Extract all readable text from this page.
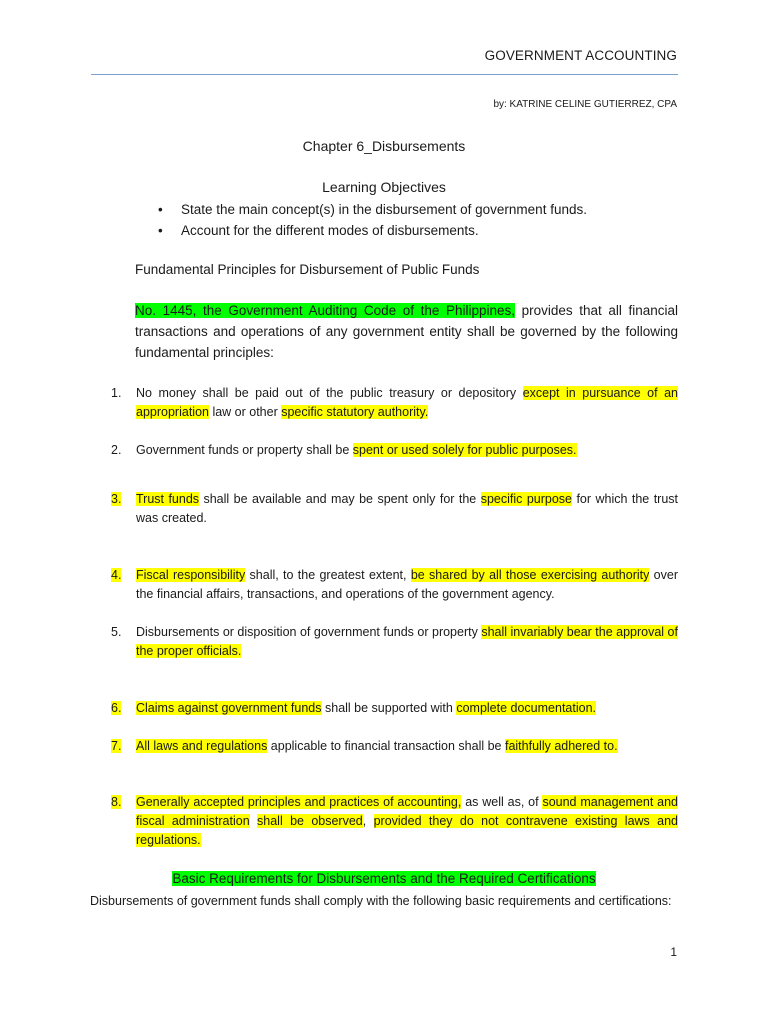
GOVERNMENT ACCOUNTING
by: KATRINE CELINE GUTIERREZ, CPA
Chapter 6_Disbursements
Learning Objectives
• State the main concept(s) in the disbursement of government funds.
• Account for the different modes of disbursements.
Fundamental Principles for Disbursement of Public Funds
No. 1445, the Government Auditing Code of the Philippines, provides that all financial transactions and operations of any government entity shall be governed by the following fundamental principles:
1.	No money shall be paid out of the public treasury or depository except in pursuance of an appropriation law or other specific statutory authority.
2.	Government funds or property shall be spent or used solely for public purposes.
3.	Trust funds shall be available and may be spent only for the specific purpose for which the trust was created.
4.	Fiscal responsibility shall, to the greatest extent, be shared by all those exercising authority over the financial affairs, transactions, and operations of the government agency.
5.	Disbursements or disposition of government funds or property shall invariably bear the approval of the proper officials.
6.	Claims against government funds shall be supported with complete documentation.
7.	All laws and regulations applicable to financial transaction shall be faithfully adhered to.
8.	Generally accepted principles and practices of accounting, as well as, of sound management and fiscal administration shall be observed, provided they do not contravene existing laws and regulations.
Basic Requirements for Disbursements and the Required Certifications
Disbursements of government funds shall comply with the following basic requirements and certifications:
1
